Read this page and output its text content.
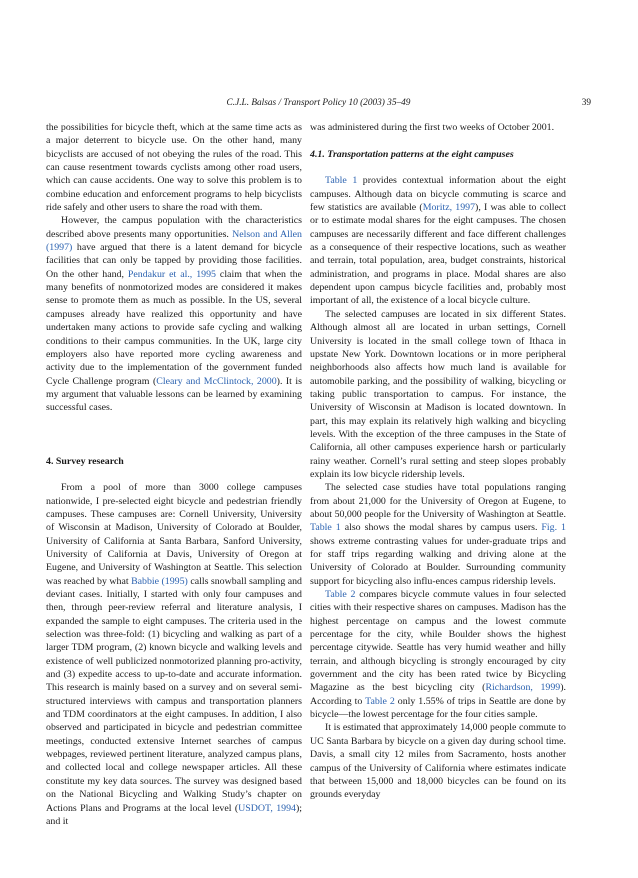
C.J.L. Balsas / Transport Policy 10 (2003) 35–49	39

the possibilities for bicycle theft, which at the same time acts as a major deterrent to bicycle use. On the other hand, many bicyclists are accused of not obeying the rules of the road. This can cause resentment towards cyclists among other road users, which can cause accidents. One way to solve this problem is to combine education and enforcement programs to help bicyclists ride safely and other users to share the road with them.

However, the campus population with the characteristics described above presents many opportunities. Nelson and Allen (1997) have argued that there is a latent demand for bicycle facilities that can only be tapped by providing those facilities. On the other hand, Pendakur et al., 1995 claim that when the many benefits of nonmotorized modes are considered it makes sense to promote them as much as possible. In the US, several campuses already have realized this opportunity and have undertaken many actions to provide safe cycling and walking conditions to their campus communities. In the UK, large city employers also have reported more cycling awareness and activity due to the implementation of the government funded Cycle Challenge program (Cleary and McClintock, 2000). It is my argument that valuable lessons can be learned by examining successful cases.

4. Survey research

From a pool of more than 3000 college campuses nationwide, I pre-selected eight bicycle and pedestrian friendly campuses. These campuses are: Cornell University, University of Wisconsin at Madison, University of Colorado at Boulder, University of California at Santa Barbara, Sanford University, University of California at Davis, University of Oregon at Eugene, and University of Washington at Seattle. This selection was reached by what Babbie (1995) calls snowball sampling and deviant cases. Initially, I started with only four campuses and then, through peer-review referral and literature analysis, I expanded the sample to eight campuses. The criteria used in the selection was three-fold: (1) bicycling and walking as part of a larger TDM program, (2) known bicycle and walking levels and existence of well publicized nonmotorized planning pro-activity, and (3) expedite access to up-to-date and accurate information. This research is mainly based on a survey and on several semi-structured interviews with campus and transportation planners and TDM coordinators at the eight campuses. In addition, I also observed and participated in bicycle and pedestrian committee meetings, conducted extensive Internet searches of campus webpages, reviewed pertinent literature, analyzed campus plans, and collected local and college newspaper articles. All these constitute my key data sources. The survey was designed based on the National Bicycling and Walking Study’s chapter on Actions Plans and Programs at the local level (USDOT, 1994); and it

was administered during the first two weeks of October 2001.

4.1. Transportation patterns at the eight campuses

Table 1 provides contextual information about the eight campuses. Although data on bicycle commuting is scarce and few statistics are available (Moritz, 1997), I was able to collect or to estimate modal shares for the eight campuses. The chosen campuses are necessarily different and face different challenges as a consequence of their respective locations, such as weather and terrain, total population, area, budget constraints, historical administration, and programs in place. Modal shares are also dependent upon campus bicycle facilities and, probably most important of all, the existence of a local bicycle culture.

The selected campuses are located in six different States. Although almost all are located in urban settings, Cornell University is located in the small college town of Ithaca in upstate New York. Downtown locations or in more peripheral neighborhoods also affects how much land is available for automobile parking, and the possibility of walking, bicycling or taking public transportation to campus. For instance, the University of Wisconsin at Madison is located downtown. In part, this may explain its relatively high walking and bicycling levels. With the exception of the three campuses in the State of California, all other campuses experience harsh or particularly rainy weather. Cornell’s rural setting and steep slopes probably explain its low bicycle ridership levels.

The selected case studies have total populations ranging from about 21,000 for the University of Oregon at Eugene, to about 50,000 people for the University of Washington at Seattle. Table 1 also shows the modal shares by campus users. Fig. 1 shows extreme contrasting values for under-graduate trips and for staff trips regarding walking and driving alone at the University of Colorado at Boulder. Surrounding community support for bicycling also influ-ences campus ridership levels.

Table 2 compares bicycle commute values in four selected cities with their respective shares on campuses. Madison has the highest percentage on campus and the lowest commute percentage for the city, while Boulder shows the highest percentage citywide. Seattle has very humid weather and hilly terrain, and although bicycling is strongly encouraged by city government and the city has been rated twice by Bicycling Magazine as the best bicycling city (Richardson, 1999). According to Table 2 only 1.55% of trips in Seattle are done by bicycle—the lowest percentage for the four cities sample.

It is estimated that approximately 14,000 people commute to UC Santa Barbara by bicycle on a given day during school time. Davis, a small city 12 miles from Sacramento, hosts another campus of the University of California where estimates indicate that between 15,000 and 18,000 bicycles can be found on its grounds everyday
